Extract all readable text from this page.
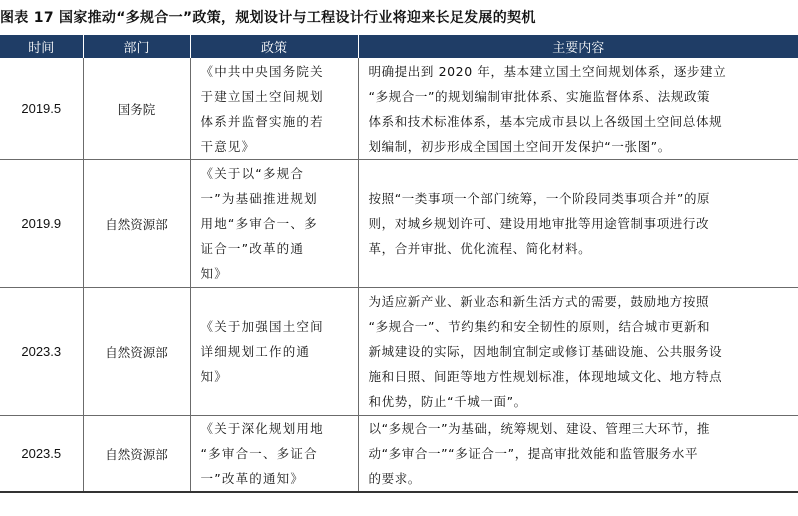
图表 17 国家推动“多规合一”政策，规划设计与工程设计行业将迎来长足发展的契机
时间	部门	政策	主要内容
2019.5	国务院	《中共中央国务院关
于建立国土空间规划
体系并监督实施的若
干意见》	明确提出到 2020 年，基本建立国土空间规划体系，逐步建立
“多规合一”的规划编制审批体系、实施监督体系、法规政策
体系和技术标准体系，基本完成市县以上各级国土空间总体规
划编制，初步形成全国国土空间开发保护“一张图”。

2019.9	自然资源部	《关于以“多规合
一”为基础推进规划
用地“多审合一、多
证合一”改革的通
知》	按照“一类事项一个部门统筹，一个阶段同类事项合并”的原
则，对城乡规划许可、建设用地审批等用途管制事项进行改
革，合并审批、优化流程、简化材料。

2023.3	自然资源部	《关于加强国土空间
详细规划工作的通
知》	为适应新产业、新业态和新生活方式的需要，鼓励地方按照
“多规合一”、节约集约和安全韧性的原则，结合城市更新和
新城建设的实际，因地制宜制定或修订基础设施、公共服务设
施和日照、间距等地方性规划标准，体现地域文化、地方特点
和优势，防止“千城一面”。

2023.5	自然资源部	《关于深化规划用地
“多审合一、多证合
一”改革的通知》	以“多规合一”为基础，统筹规划、建设、管理三大环节，推
动“多审合一”“多证合一”，提高审批效能和监管服务水平
的要求。
